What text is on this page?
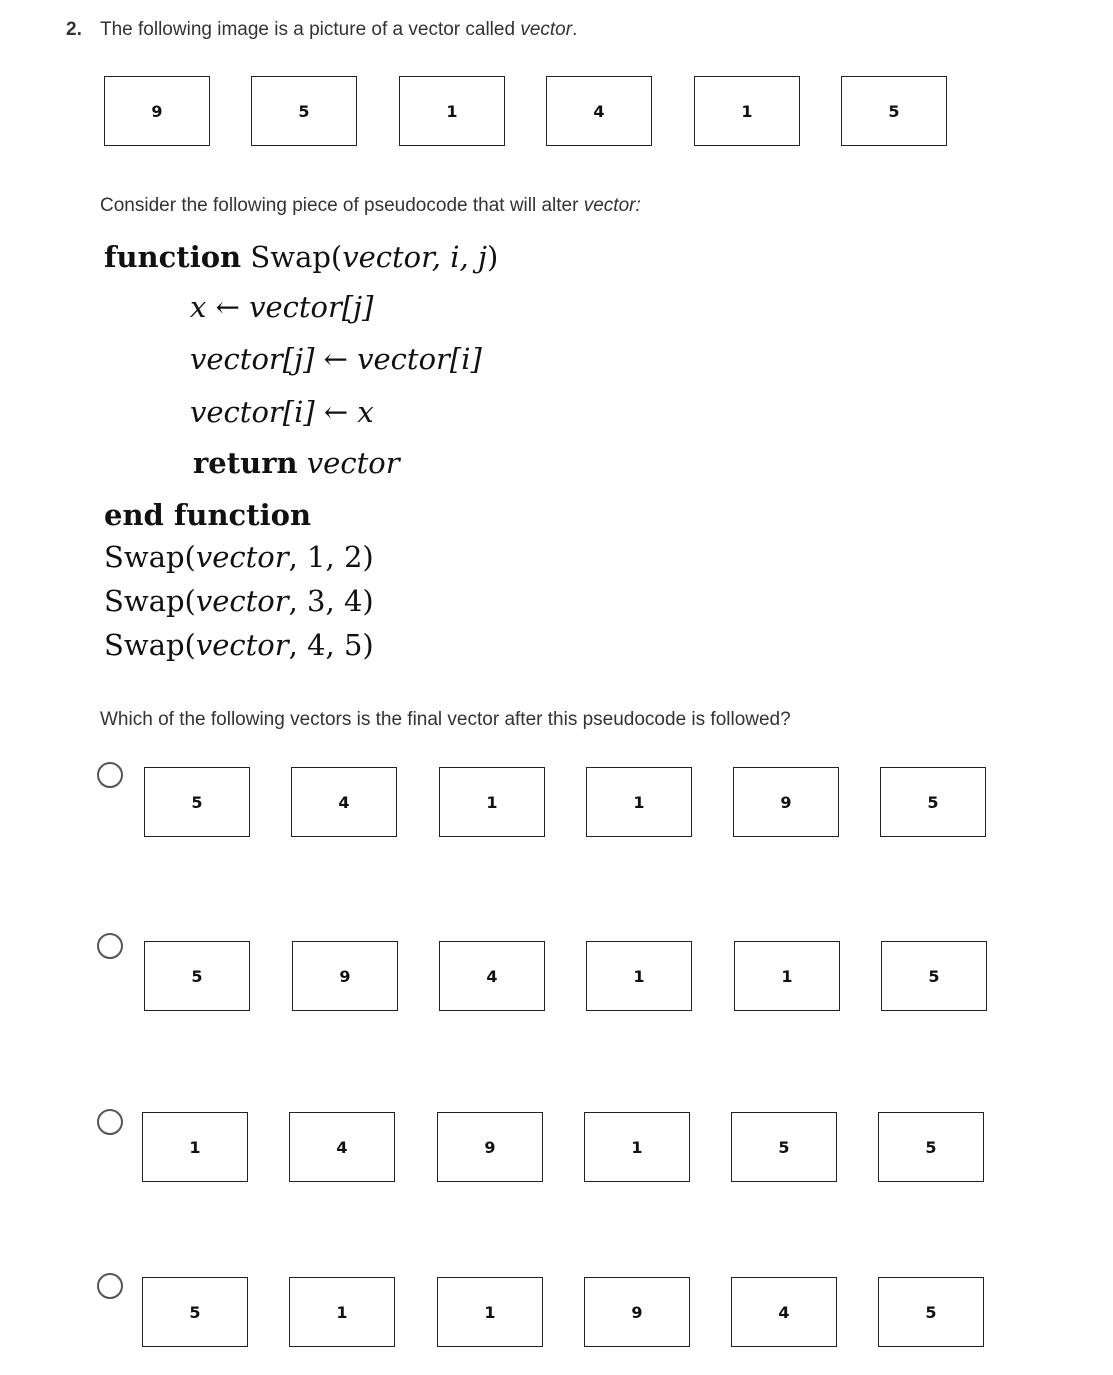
2. The following image is a picture of a vector called vector.
9	5	1	4	1	5
Consider the following piece of pseudocode that will alter vector:
function Swap(vector, i, j)
x ← vector[j]
vector[j] ← vector[i]
vector[i] ← x
return vector
end function
Swap(vector, 1, 2)
Swap(vector, 3, 4)
Swap(vector, 4, 5)
Which of the following vectors is the final vector after this pseudocode is followed?
5	4	1	1	9	5
5	9	4	1	1	5
1	4	9	1	5	5
5	1	1	9	4	5
